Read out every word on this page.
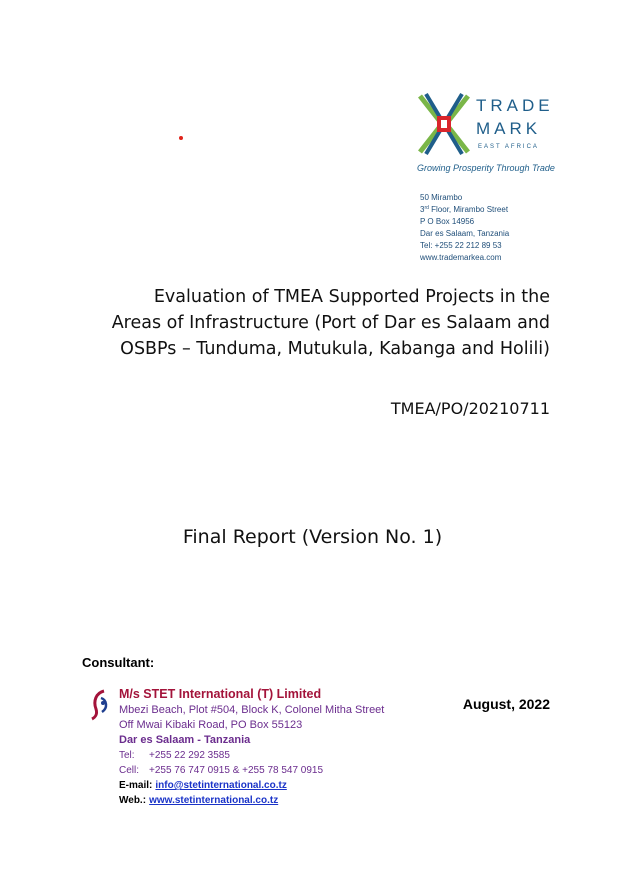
TRADE
MARK
EAST AFRICA
Growing Prosperity Through Trade
50 Mirambo
3rd Floor, Mirambo Street
P O Box 14956
Dar es Salaam, Tanzania
Tel: +255 22 212 89 53
www.trademarkea.com
Evaluation of TMEA Supported Projects in the
Areas of Infrastructure (Port of Dar es Salaam and
OSBPs – Tunduma, Mutukula, Kabanga and Holili)
TMEA/PO/20210711
Final Report (Version No. 1)
Consultant:
M/s STET International (T) Limited
Mbezi Beach, Plot #504, Block K, Colonel Mitha Street
Off Mwai Kibaki Road, PO Box 55123
Dar es Salaam - Tanzania
Tel: +255 22 292 3585
Cell: +255 76 747 0915 & +255 78 547 0915
E-mail: info@stetinternational.co.tz
Web.: www.stetinternational.co.tz
August, 2022
